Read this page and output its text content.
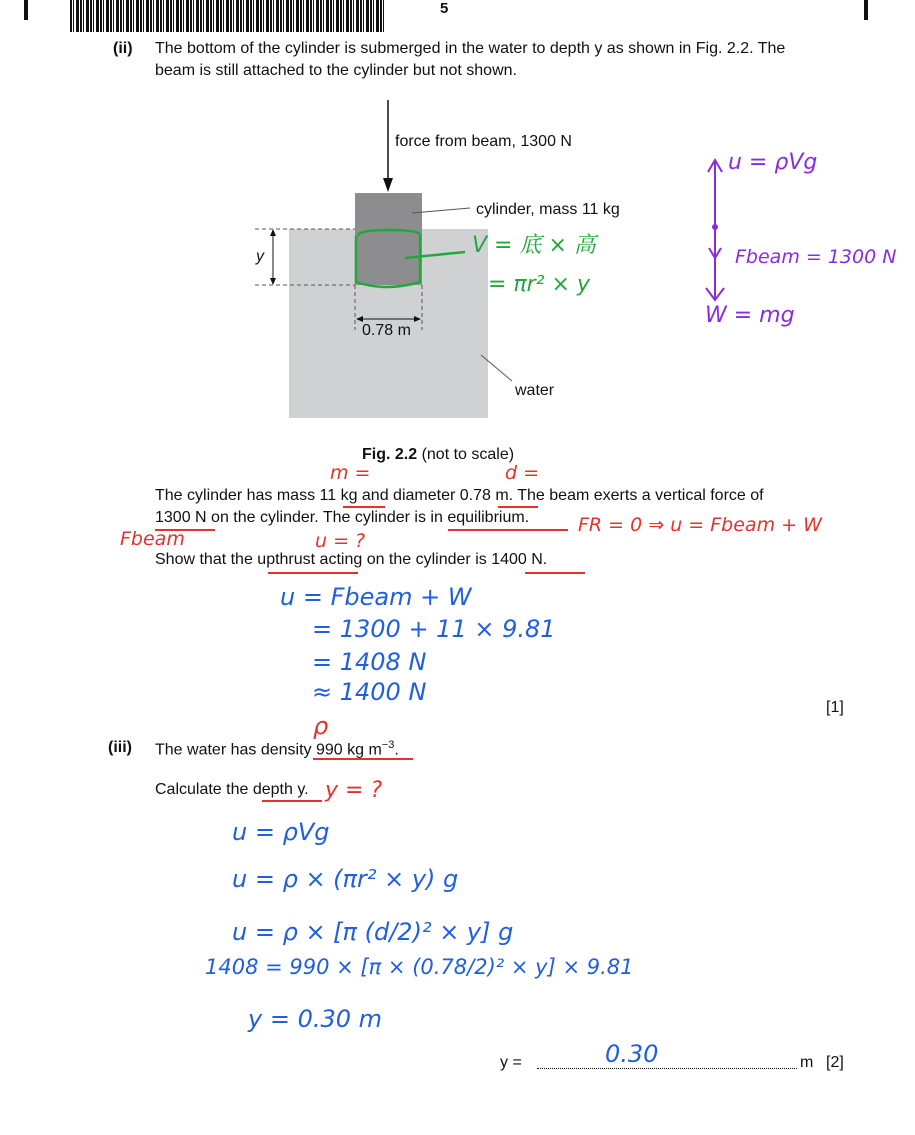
5
(ii) The bottom of the cylinder is submerged in the water to depth y as shown in Fig. 2.2. The
beam is still attached to the cylinder but not shown.
force from beam, 1300 N
cylinder, mass 11 kg
y
0.78 m
water
Fig. 2.2 (not to scale)
V = 底 × 高
= πr² × y
u = ρVg
Fbeam = 1300 N
W = mg
m =	d =
The cylinder has mass 11 kg and diameter 0.78 m. The beam exerts a vertical force of
1300 N on the cylinder. The cylinder is in equilibrium.
Fbeam	u = ?
FR = 0 ⇒ u = Fbeam + W
Show that the upthrust acting on the cylinder is 1400 N.
u = Fbeam + W
= 1300 + 11 × 9.81
= 1408 N
≈ 1400 N
[1]
ρ
(iii) The water has density 990 kg $m^{-3}$.
Calculate the depth y. y = ?
u = ρVg
u = ρ × (πr² × y) g
u = ρ × [π (d/2)² × y] g
1408 = 990 × [π × (0.78/2)² × y] × 9.81
y = 0.30 m
y =	0.30	m [2]
